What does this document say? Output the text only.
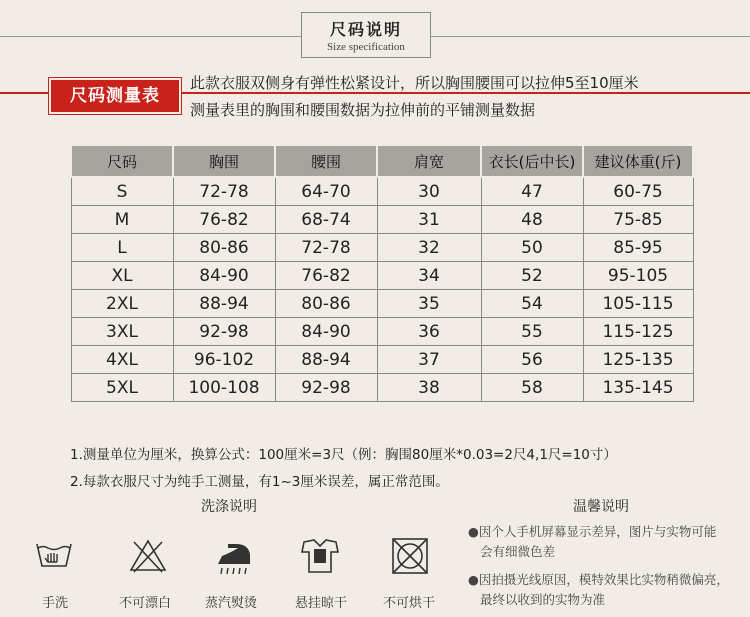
尺码说明
Size specification
尺码测量表
此款衣服双侧身有弹性松紧设计，所以胸围腰围可以拉伸5至10厘米
测量表里的胸围和腰围数据为拉伸前的平铺测量数据
尺码	胸围	腰围	肩宽	衣长(后中长)	建议体重(斤)
S	72-78	64-70	30	47	60-75
M	76-82	68-74	31	48	75-85
L	80-86	72-78	32	50	85-95
XL	84-90	76-82	34	52	95-105
2XL	88-94	80-86	35	54	105-115
3XL	92-98	84-90	36	55	115-125
4XL	96-102	88-94	37	56	125-135
5XL	100-108	92-98	38	58	135-145
1.测量单位为厘米，换算公式：100厘米=3尺（例：胸围80厘米*0.03=2尺4,1尺=10寸）
2.每款衣服尺寸为纯手工测量，有1~3厘米误差，属正常范围。
洗涤说明
手洗	不可漂白	蒸汽熨烫	悬挂晾干	不可烘干
温馨说明
●因个人手机屏幕显示差异，图片与实物可能
会有细微色差
●因拍摄光线原因，模特效果比实物稍微偏亮，
最终以收到的实物为准
